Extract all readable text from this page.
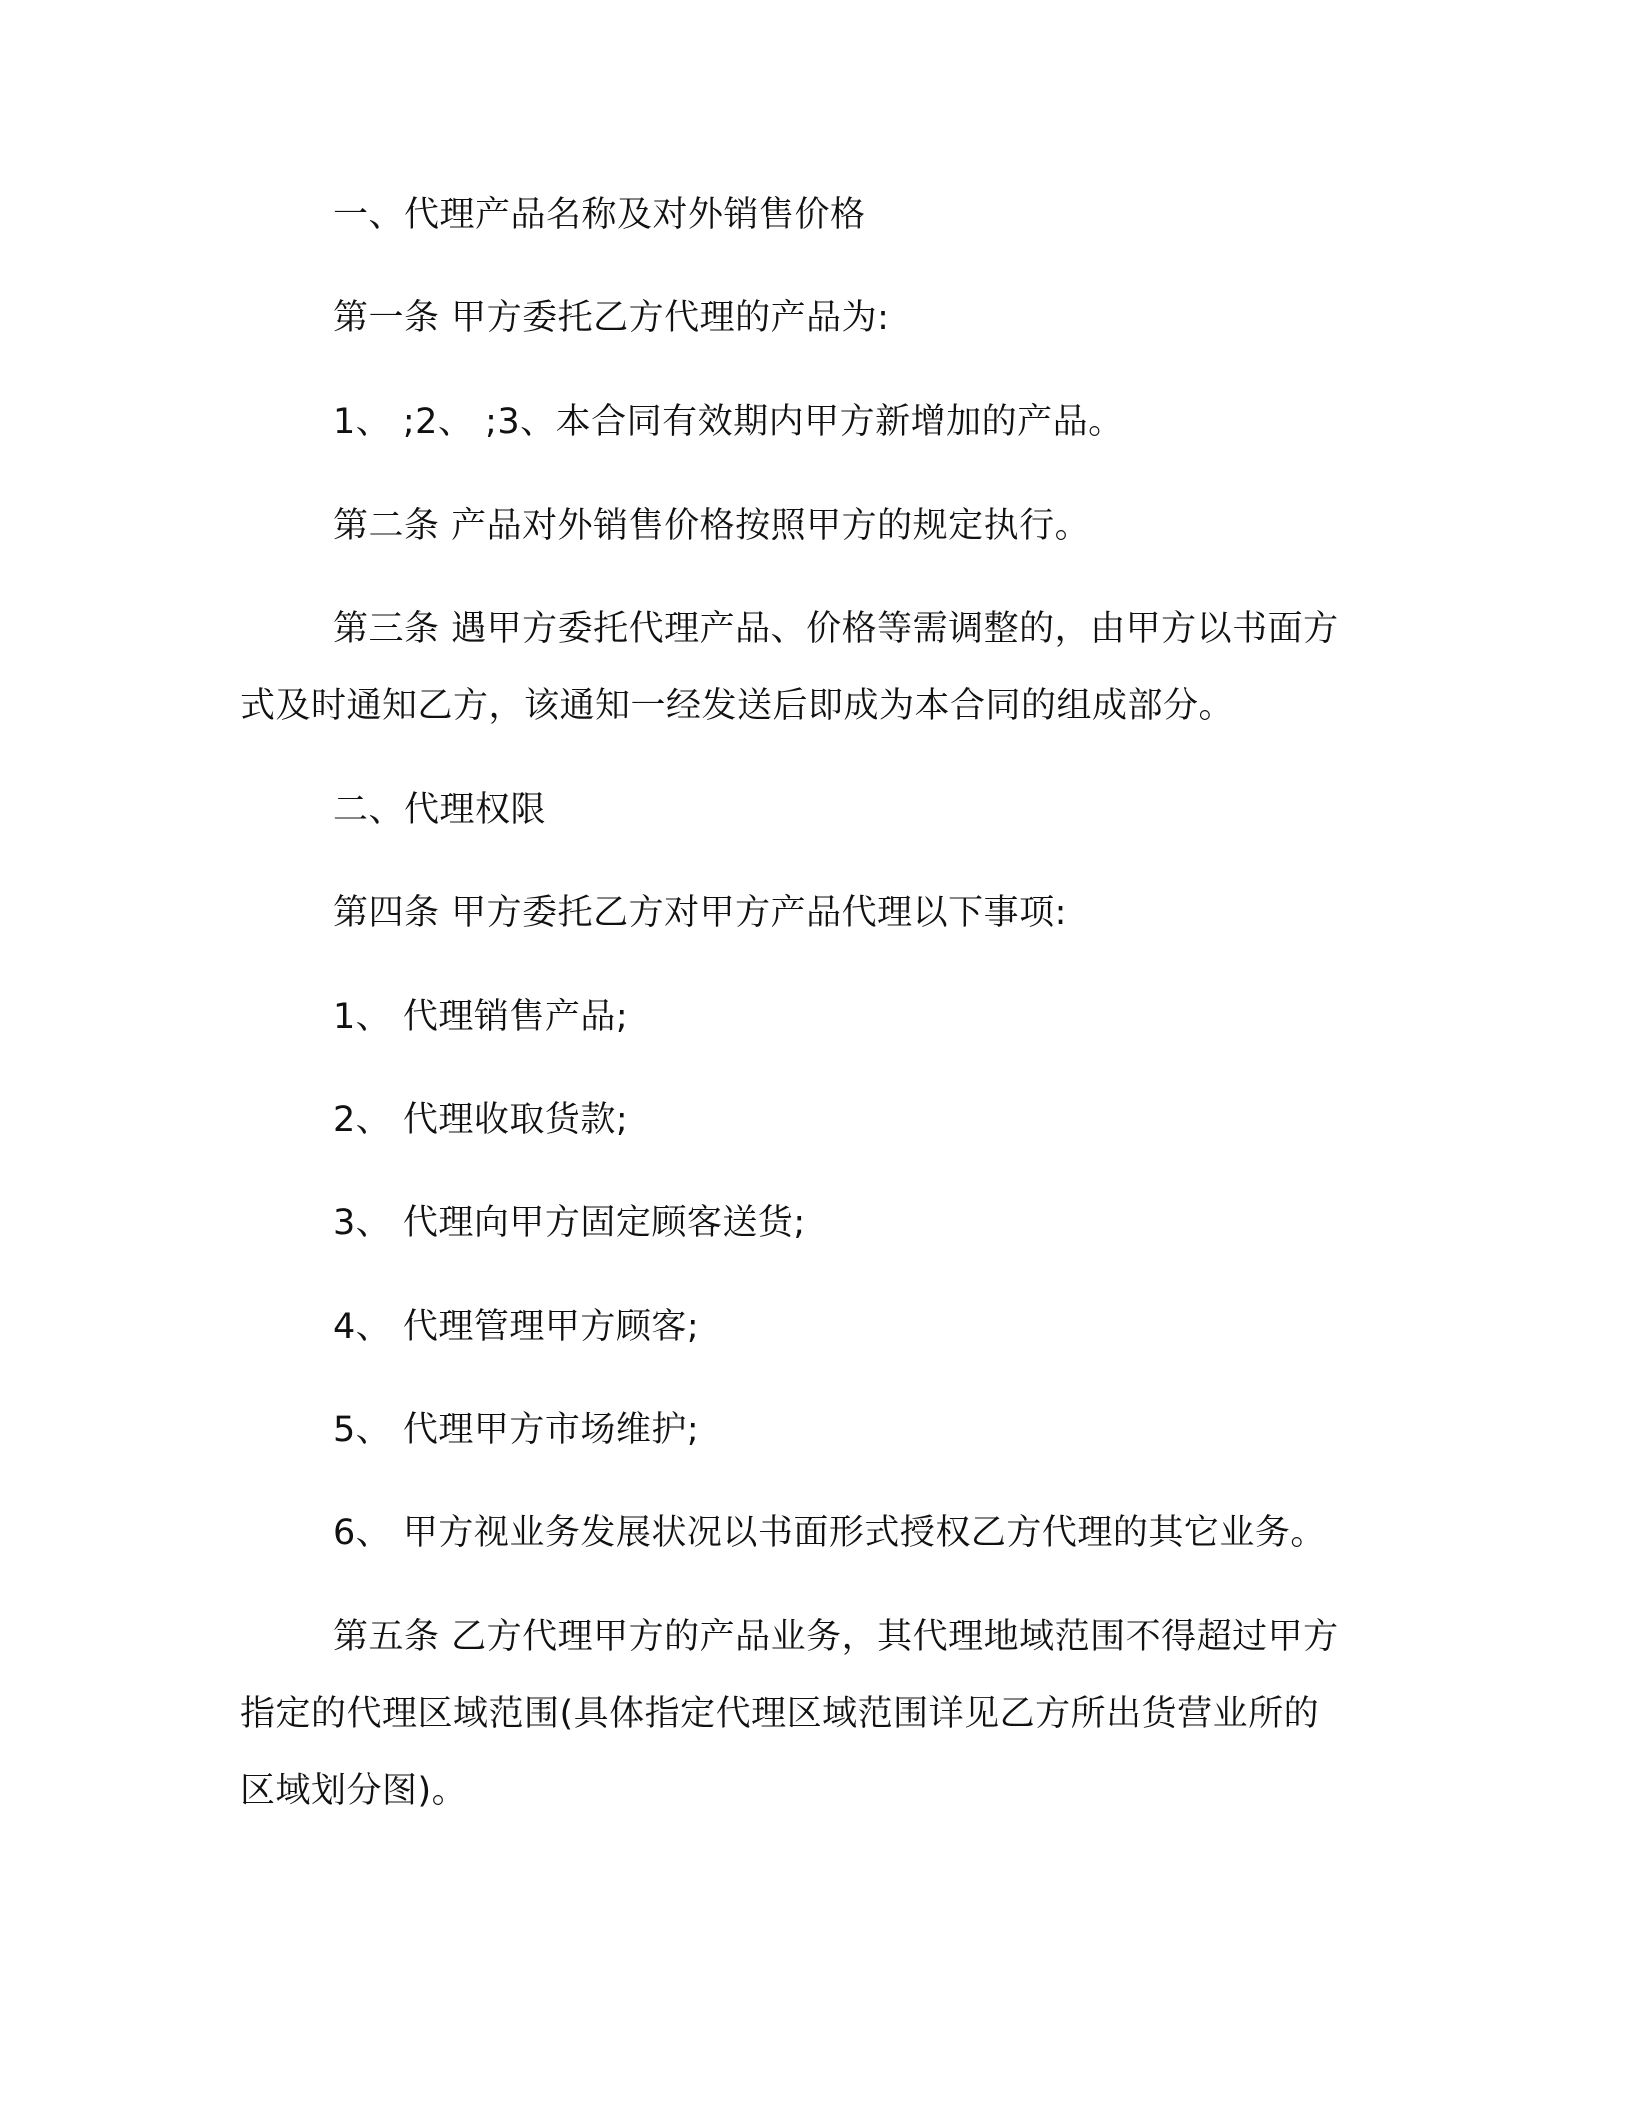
一、代理产品名称及对外销售价格
第一条 甲方委托乙方代理的产品为:
1、 ;2、 ;3、本合同有效期内甲方新增加的产品。
第二条 产品对外销售价格按照甲方的规定执行。
第三条 遇甲方委托代理产品、价格等需调整的，由甲方以书面方
式及时通知乙方，该通知一经发送后即成为本合同的组成部分。
二、代理权限
第四条 甲方委托乙方对甲方产品代理以下事项:
1、 代理销售产品;
2、 代理收取货款;
3、 代理向甲方固定顾客送货;
4、 代理管理甲方顾客;
5、 代理甲方市场维护;
6、 甲方视业务发展状况以书面形式授权乙方代理的其它业务。
第五条 乙方代理甲方的产品业务，其代理地域范围不得超过甲方
指定的代理区域范围(具体指定代理区域范围详见乙方所出货营业所的
区域划分图)。
